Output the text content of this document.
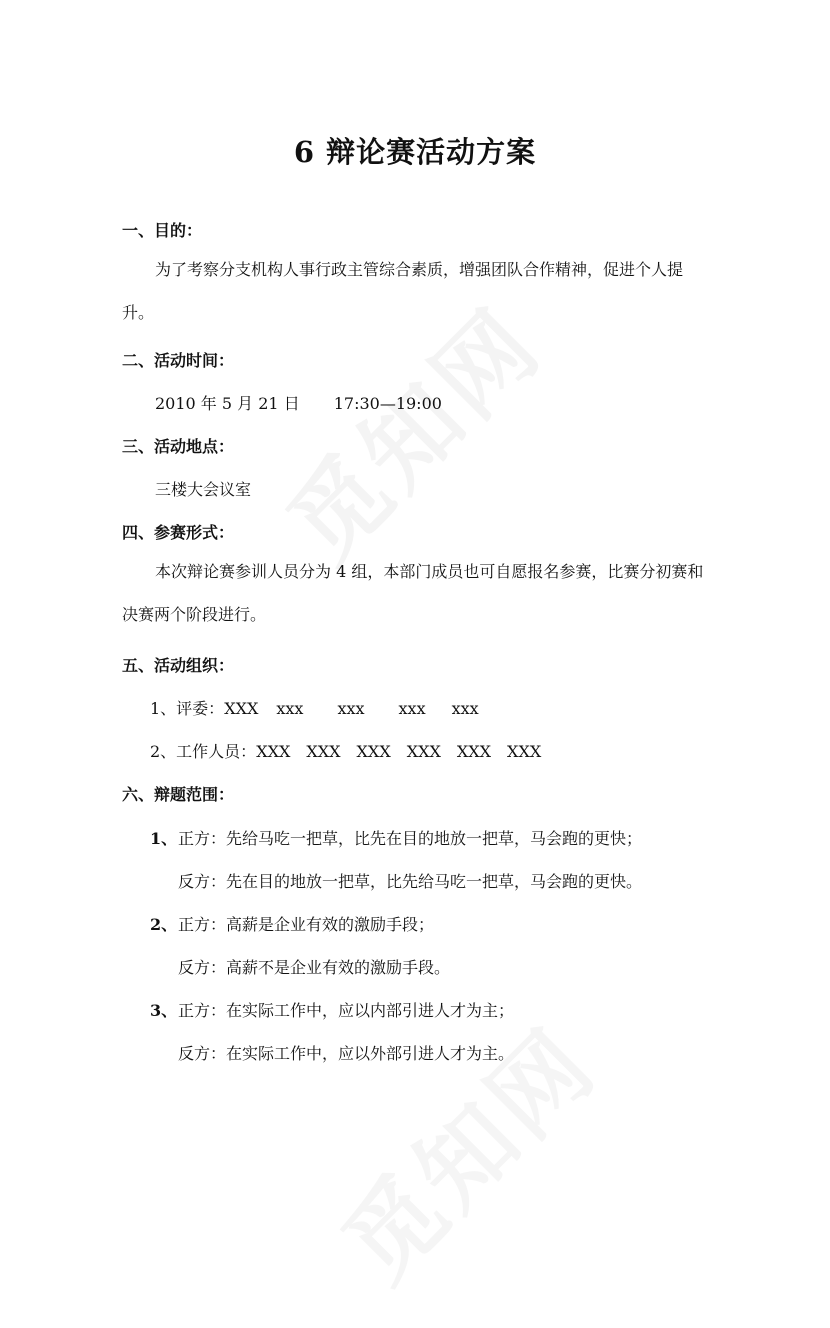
6 辩论赛活动方案
一、目的：
为了考察分支机构人事行政主管综合素质，增强团队合作精神，促进个人提升。
二、活动时间：
2010 年 5 月 21 日 17:30—19:00
三、活动地点：
三楼大会议室
四、参赛形式：
本次辩论赛参训人员分为 4 组，本部门成员也可自愿报名参赛，比赛分初赛和决赛两个阶段进行。
五、活动组织：
1、评委：XXX xxx xxx xxx xxx
2、工作人员：XXX XXX XXX XXX XXX XXX
六、辩题范围：
1、正方：先给马吃一把草，比先在目的地放一把草，马会跑的更快；
反方：先在目的地放一把草，比先给马吃一把草，马会跑的更快。
2、正方：高薪是企业有效的激励手段；
反方：高薪不是企业有效的激励手段。
3、正方：在实际工作中，应以内部引进人才为主；
反方：在实际工作中，应以外部引进人才为主。
